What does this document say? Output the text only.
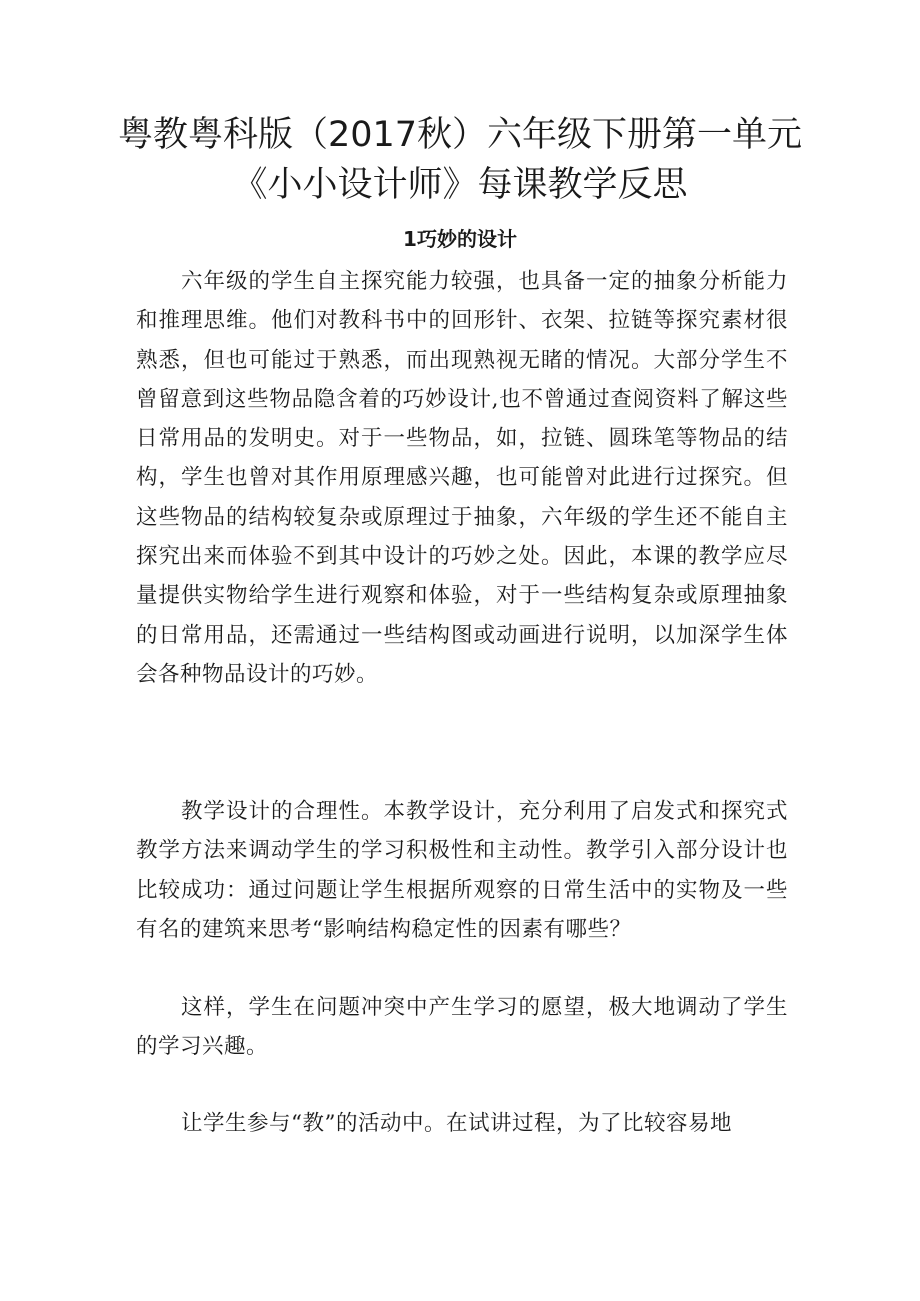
粤教粤科版（2017秋）六年级下册第一单元
《小小设计师》每课教学反思
1巧妙的设计

六年级的学生自主探究能力较强，也具备一定的抽象分析能力和推理思维。他们对教科书中的回形针、衣架、拉链等探究素材很熟悉，但也可能过于熟悉，而出现熟视无睹的情况。大部分学生不曾留意到这些物品隐含着的巧妙设计,也不曾通过查阅资料了解这些日常用品的发明史。对于一些物品，如，拉链、圆珠笔等物品的结构，学生也曾对其作用原理感兴趣，也可能曾对此进行过探究。但这些物品的结构较复杂或原理过于抽象，六年级的学生还不能自主探究出来而体验不到其中设计的巧妙之处。因此，本课的教学应尽量提供实物给学生进行观察和体验，对于一些结构复杂或原理抽象的日常用品，还需通过一些结构图或动画进行说明，以加深学生体会各种物品设计的巧妙。

教学设计的合理性。本教学设计，充分利用了启发式和探究式教学方法来调动学生的学习积极性和主动性。教学引入部分设计也比较成功：通过问题让学生根据所观察的日常生活中的实物及一些有名的建筑来思考“影响结构稳定性的因素有哪些？

这样，学生在问题冲突中产生学习的愿望，极大地调动了学生的学习兴趣。

让学生参与“教”的活动中。在试讲过程，为了比较容易地
